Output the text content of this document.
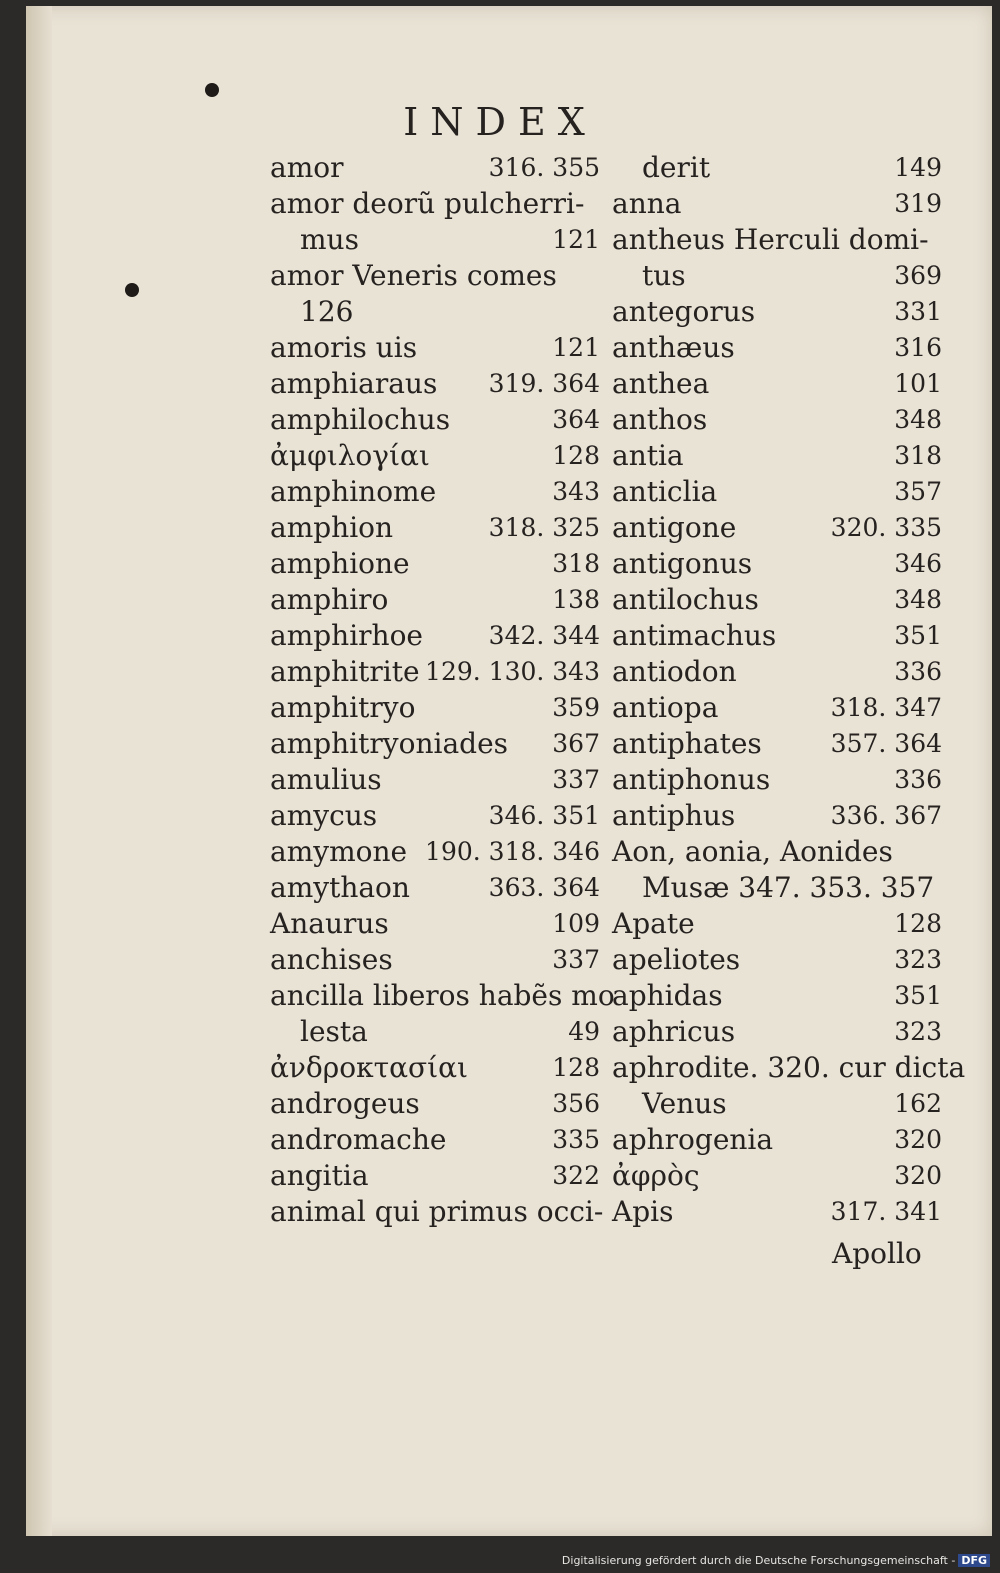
INDEX
amor	316. 355
amor deorũ pulcherri-
mus	121
amor Veneris comes
126
amoris uis	121
amphiaraus 319. 364
amphilochus	364
ἀμφιλογίαι	128
amphinome	343
amphion	318. 325
amphione	318
amphiro	138
amphirhoe	342. 344
amphitrite 129. 130. 343
amphitryo	359
amphitryoniades 367
amulius	337
amycus	346. 351
amymone 190. 318. 346
amythaon	363. 364
Anaurus	109
anchises	337
ancilla liberos habẽs mo
lesta	49
ἀνδροκτασίαι	128
androgeus	356
andromache	335
angitia	322
animal qui primus occi-
derit	149
anna	319
antheus Herculi domi-
tus	369
antegorus	331
anthæus	316
anthea	101
anthos	348
antia	318
anticlia	357
antigone	320. 335
antigonus	346
antilochus	348
antimachus	351
antiodon	336
antiopa	318. 347
antiphates	357. 364
antiphonus	336
antiphus	336. 367
Aon, aonia, Aonides
Musæ 347. 353. 357
Apate	128
apeliotes	323
aphidas	351
aphricus	323
aphrodite. 320. cur dicta
Venus	162
aphrogenia	320
ἀφρὸς	320
Apis	317. 341
Apollo
Digitalisierung gefördert durch die Deutsche Forschungsgemeinschaft - DFG
